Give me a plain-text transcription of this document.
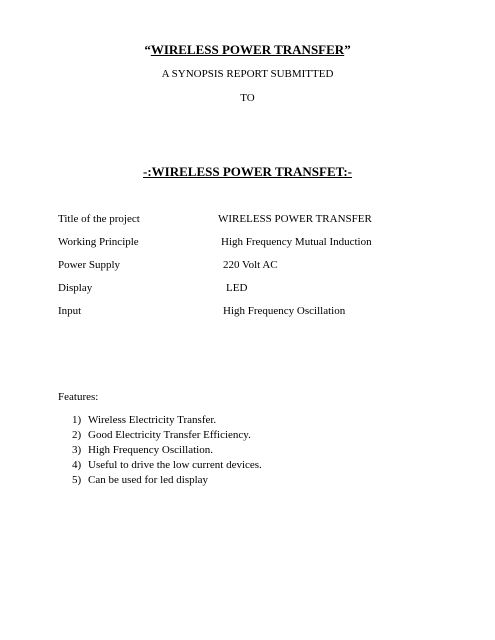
“WIRELESS POWER TRANSFER”
A SYNOPSIS REPORT SUBMITTED
TO
-:WIRELESS POWER TRANSFET:-
Title of the project	WIRELESS POWER TRANSFER
Working Principle	High Frequency Mutual Induction
Power Supply	220 Volt AC
Display	LED
Input	High Frequency Oscillation
Features:
1) Wireless Electricity Transfer.
2) Good Electricity Transfer Efficiency.
3) High Frequency Oscillation.
4) Useful to drive the low current devices.
5) Can be used for led display
